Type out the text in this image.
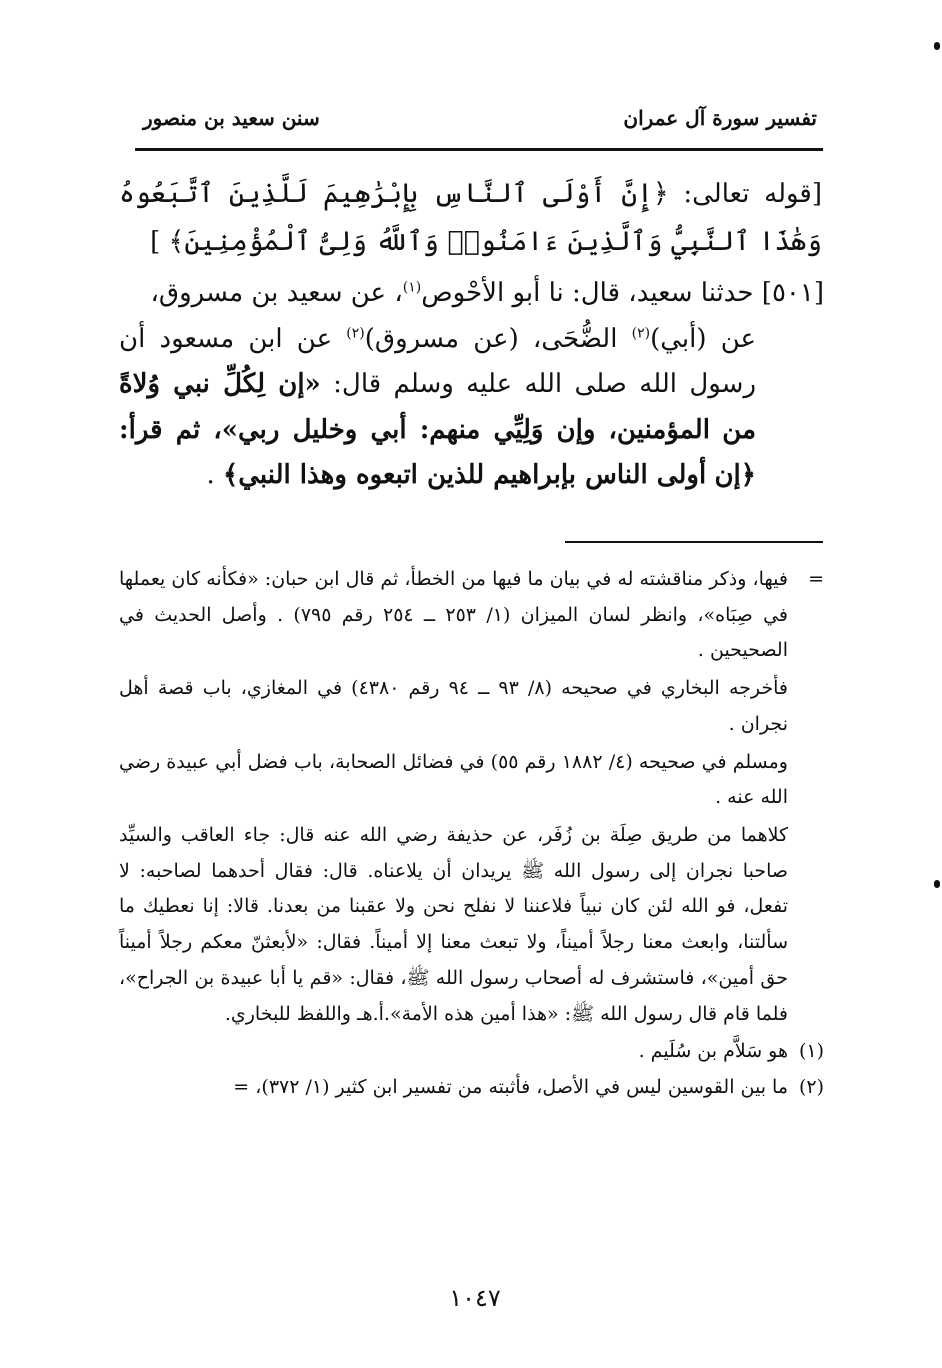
تفسير سورة آل عمران
سنن سعيد بن منصور

[قوله تعالى: ﴿إِنَّ أَوْلَى ٱلنَّاسِ بِإِبْرَٰهِيمَ لَلَّذِينَ ٱتَّبَعُوهُ وَهَٰذَا ٱلنَّبِيُّ وَٱلَّذِينَ ءَامَنُوا۟ وَٱللَّهُ وَلِىُّ ٱلْمُؤْمِنِينَ﴾ ]

[٥٠١] حدثنا سعيد، قال: نا أبو الأحْوص$^{(١)}$، عن سعيد بن مسروق،

عن (أبي)$^{(٢)}$ الضُّحَى، (عن مسروق)$^{(٢)}$ عن ابن مسعود أن رسول الله صلى الله عليه وسلم قال: «إن لِكُلِّ نبي وُلاةً من المؤمنين، وإن وَلِيِّي منهم: أبي وخليل ربي»، ثم قرأ: ﴿إن أولى الناس بإبراهيم للذين اتبعوه وهذا النبي﴾ .

=
فيها، وذكر مناقشته له في بيان ما فيها من الخطأ، ثم قال ابن حبان: «فكأنه كان يعملها في صِبَاه»، وانظر لسان الميزان (١/ ٢٥٣ ــ ٢٥٤ رقم ٧٩٥) . وأصل الحديث في الصحيحين .

فأخرجه البخاري في صحيحه (٨/ ٩٣ ــ ٩٤ رقم ٤٣٨٠) في المغازي، باب قصة أهل نجران .

ومسلم في صحيحه (٤/ ١٨٨٢ رقم ٥٥) في فضائل الصحابة، باب فضل أبي عبيدة رضي الله عنه .

كلاهما من طريق صِلَة بن زُفَر، عن حذيفة رضي الله عنه قال: جاء العاقب والسيِّد صاحبا نجران إلى رسول الله ﷺ يريدان أن يلاعناه. قال: فقال أحدهما لصاحبه: لا تفعل، فو الله لئن كان نبياً فلاعننا لا نفلح نحن ولا عقبنا من بعدنا. قالا: إنا نعطيك ما سألتنا، وابعث معنا رجلاً أميناً، ولا تبعث معنا إلا أميناً. فقال: «لأبعثنّ معكم رجلاً أميناً حق أمين»، فاستشرف له أصحاب رسول الله ﷺ، فقال: «قم يا أبا عبيدة بن الجراح»، فلما قام قال رسول الله ﷺ: «هذا أمين هذه الأمة».أ.هـ واللفظ للبخاري.

(١)
هو سَلاَّم بن سُلَيم .

(٢)
ما بين القوسين ليس في الأصل، فأثبته من تفسير ابن كثير (١/ ٣٧٢)، =

١٠٤٧
